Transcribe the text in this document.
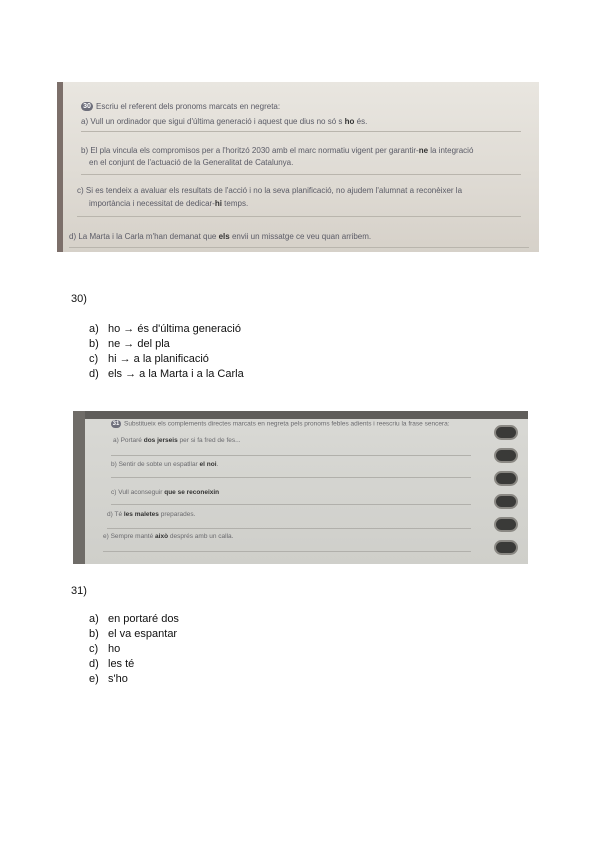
30 Escriu el referent dels pronoms marcats en negreta:
a) Vull un ordinador que sigui d'última generació i aquest que dius no só s ho és.
b) El pla vincula els compromisos per a l'horitzó 2030 amb el marc normatiu vigent per garantir-ne la integració
en el conjunt de l'actuació de la Generalitat de Catalunya.
c) Si es tendeix a avaluar els resultats de l'acció i no la seva planificació, no ajudem l'alumnat a reconèixer la
importància i necessitat de dedicar-hi temps.
d) La Marta i la Carla m'han demanat que els envii un missatge ce veu quan arribem.
30)
a) ho → és d'última generació
b) ne → del pla
c) hi → a la planificació
d) els → a la Marta i a la Carla
31 Substitueix els complements directes marcats en negreta pels pronoms febles adients i reescriu la frase sencera:
a) Portaré dos jerseis per si fa fred de fes...
b) Sentir de sobte un espatllar el noi.
c) Vull aconseguir que se reconeixin
d) Té les maletes preparades.
e) Sempre manté això després amb un calla.
31)
a) en portaré dos
b) el va espantar
c) ho
d) les té
e) s'ho
